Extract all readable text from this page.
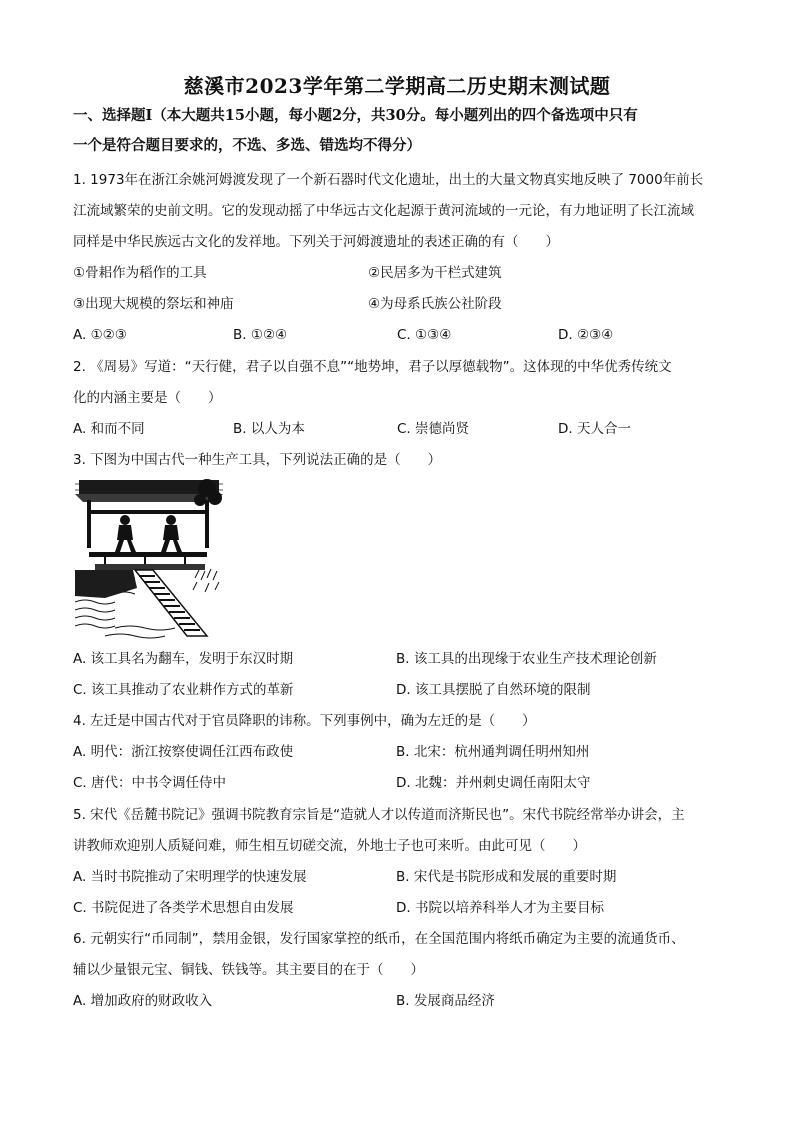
慈溪市2023学年第二学期高二历史期末测试题
一、选择题Ⅰ（本大题共15小题，每小题2分，共30分。每小题列出的四个备选项中只有
一个是符合题目要求的，不选、多选、错选均不得分）
1. 1973年在浙江余姚河姆渡发现了一个新石器时代文化遗址，出土的大量文物真实地反映了 7000年前长
江流域繁荣的史前文明。它的发现动摇了中华远古文化起源于黄河流域的一元论，有力地证明了长江流域
同样是中华民族远古文化的发祥地。下列关于河姆渡遗址的表述正确的有（　　）
①骨耜作为稻作的工具	②民居多为干栏式建筑
③出现大规模的祭坛和神庙	④为母系氏族公社阶段
A. ①②③	B. ①②④	C. ①③④	D. ②③④
2. 《周易》写道：“天行健，君子以自强不息”“地势坤，君子以厚德载物”。这体现的中华优秀传统文
化的内涵主要是（　　）
A. 和而不同	B. 以人为本	C. 崇德尚贤	D. 天人合一
3. 下图为中国古代一种生产工具，下列说法正确的是（　　）
A. 该工具名为翻车，发明于东汉时期	B. 该工具的出现缘于农业生产技术理论创新
C. 该工具推动了农业耕作方式的革新	D. 该工具摆脱了自然环境的限制
4. 左迁是中国古代对于官员降职的讳称。下列事例中，确为左迁的是（　　）
A. 明代：浙江按察使调任江西布政使	B. 北宋：杭州通判调任明州知州
C. 唐代：中书令调任侍中	D. 北魏：并州刺史调任南阳太守
5. 宋代《岳麓书院记》强调书院教育宗旨是“造就人才以传道而济斯民也”。宋代书院经常举办讲会，主
讲教师欢迎别人质疑问难，师生相互切磋交流，外地士子也可来听。由此可见（　　）
A. 当时书院推动了宋明理学的快速发展	B. 宋代是书院形成和发展的重要时期
C. 书院促进了各类学术思想自由发展	D. 书院以培养科举人才为主要目标
6. 元朝实行“币同制”，禁用金银，发行国家掌控的纸币，在全国范围内将纸币确定为主要的流通货币、
辅以少量银元宝、铜钱、铁钱等。其主要目的在于（　　）
A. 增加政府的财政收入	B. 发展商品经济
